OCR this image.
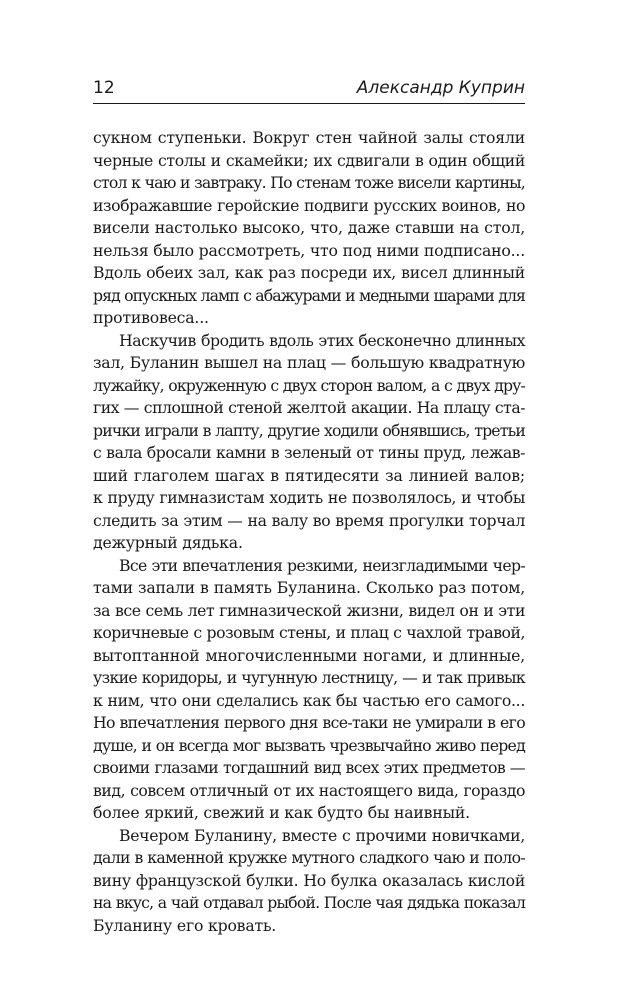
12	Александр Куприн
сукном ступеньки. Вокруг стен чайной залы стояли
черные столы и скамейки; их сдвигали в один общий
стол к чаю и завтраку. По стенам тоже висели картины,
изображавшие геройские подвиги русских воинов, но
висели настолько высоко, что, даже ставши на стол,
нельзя было рассмотреть, что под ними подписано...
Вдоль обеих зал, как раз посреди их, висел длинный
ряд опускных ламп с абажурами и медными шарами для
противовеса...
Наскучив бродить вдоль этих бесконечно длинных
зал, Буланин вышел на плац — большую квадратную
лужайку, окруженную с двух сторон валом, а с двух дру-
гих — сплошной стеной желтой акации. На плацу ста-
рички играли в лапту, другие ходили обнявшись, третьи
с вала бросали камни в зеленый от тины пруд, лежав-
ший глаголем шагах в пятидесяти за линией валов;
к пруду гимназистам ходить не позволялось, и чтобы
следить за этим — на валу во время прогулки торчал
дежурный дядька.
Все эти впечатления резкими, неизгладимыми чер-
тами запали в память Буланина. Сколько раз потом,
за все семь лет гимназической жизни, видел он и эти
коричневые с розовым стены, и плац с чахлой травой,
вытоптанной многочисленными ногами, и длинные,
узкие коридоры, и чугунную лестницу, — и так привык
к ним, что они сделались как бы частью его самого...
Но впечатления первого дня все-таки не умирали в его
душе, и он всегда мог вызвать чрезвычайно живо перед
своими глазами тогдашний вид всех этих предметов —
вид, совсем отличный от их настоящего вида, гораздо
более яркий, свежий и как будто бы наивный.
Вечером Буланину, вместе с прочими новичками,
дали в каменной кружке мутного сладкого чаю и поло-
вину французской булки. Но булка оказалась кислой
на вкус, а чай отдавал рыбой. После чая дядька показал
Буланину его кровать.
